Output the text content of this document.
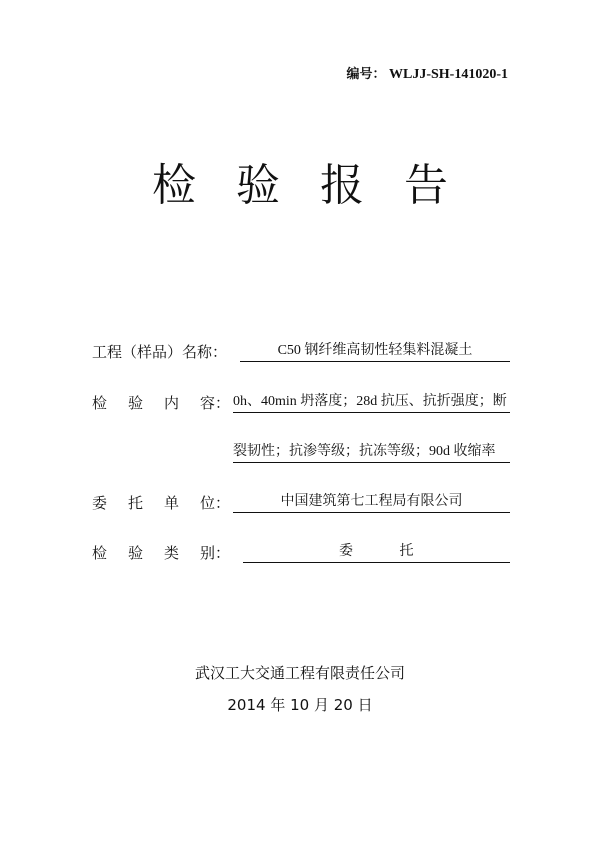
编号： WLJJ-SH-141020-1
检验报告
工程（样品）名称：	C50 钢纤维高韧性轻集料混凝土
检 验 内 容： 0h、40min 坍落度；28d 抗压、抗折强度；断
裂韧性；抗渗等级；抗冻等级；90d 收缩率
委 托 单 位：	中国建筑第七工程局有限公司
检 验 类 别：	委	托
武汉工大交通工程有限责任公司
2014 年 10 月 20 日
